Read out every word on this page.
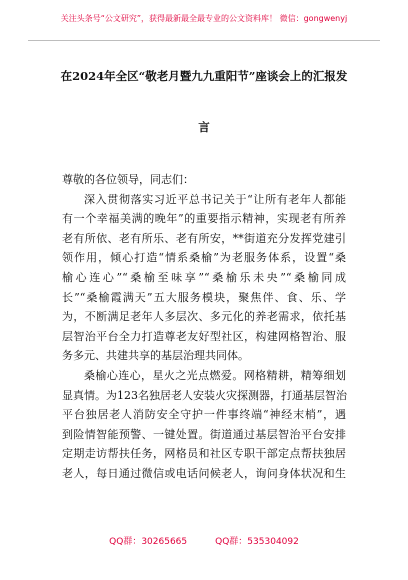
关注头条号“公文研究”，获得最新最全最专业的公文资料库！ 微信：gongwenyj
在2024年全区“敬老月暨九九重阳节”座谈会上的汇报发
言

尊敬的各位领导，同志们：

深入贯彻落实习近平总书记关于“让所有老年人都能
有一个幸福美满的晚年”的重要指示精神，实现老有所养
老有所依、老有所乐、老有所安，**街道充分发挥党建引
领作用，倾心打造“情系桑榆”为老服务体系，设置“桑
榆心连心”“桑榆至味享”“桑榆乐未央”“桑榆同成
长”“桑榆霞满天”五大服务模块，聚焦伴、食、乐、学
为，不断满足老年人多层次、多元化的养老需求，依托基
层智治平台全力打造尊老友好型社区，构建网格智治、服
务多元、共建共享的基层治理共同体。

桑榆心连心，星火之光点燃爱。网格精耕，精筹细划
显真情。为123名独居老人安装火灾探测器，打通基层智治
平台独居老人消防安全守护一件事终端“神经末梢”，遇
到险情智能预警、一键处置。街道通过基层智治平台安排
定期走访帮扶任务，网格员和社区专职干部定点帮扶独居
老人，每日通过微信或电话问候老人，询问身体状况和生

QQ群：30265665	QQ群：535304092
